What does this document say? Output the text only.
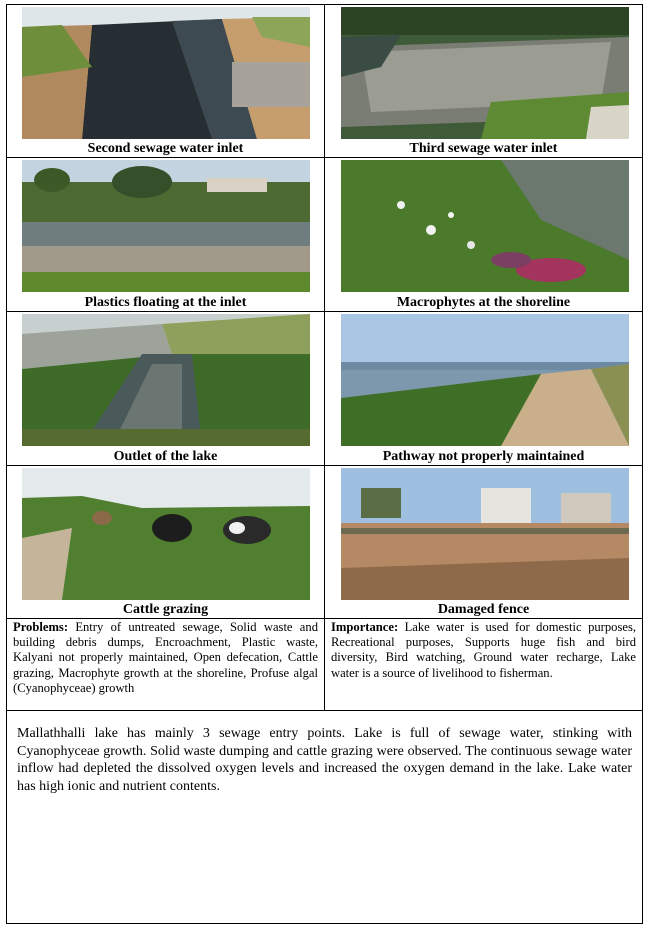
Second sewage water inlet	Third sewage water inlet
Plastics floating at the inlet	Macrophytes at the shoreline
Outlet of the lake	Pathway not properly maintained
Cattle grazing	Damaged fence
Problems: Entry of untreated sewage, Solid waste and building debris dumps, Encroachment, Plastic waste, Kalyani not properly maintained, Open defecation, Cattle grazing, Macrophyte growth at the shoreline, Profuse algal (Cyanophyceae) growth
Importance: Lake water is used for domestic purposes, Recreational purposes, Supports huge fish and bird diversity, Bird watching, Ground water recharge, Lake water is a source of livelihood to fisherman.
Mallathhalli lake has mainly 3 sewage entry points. Lake is full of sewage water, stinking with Cyanophyceae growth. Solid waste dumping and cattle grazing were observed. The continuous sewage water inflow had depleted the dissolved oxygen levels and increased the oxygen demand in the lake. Lake water has high ionic and nutrient contents.
